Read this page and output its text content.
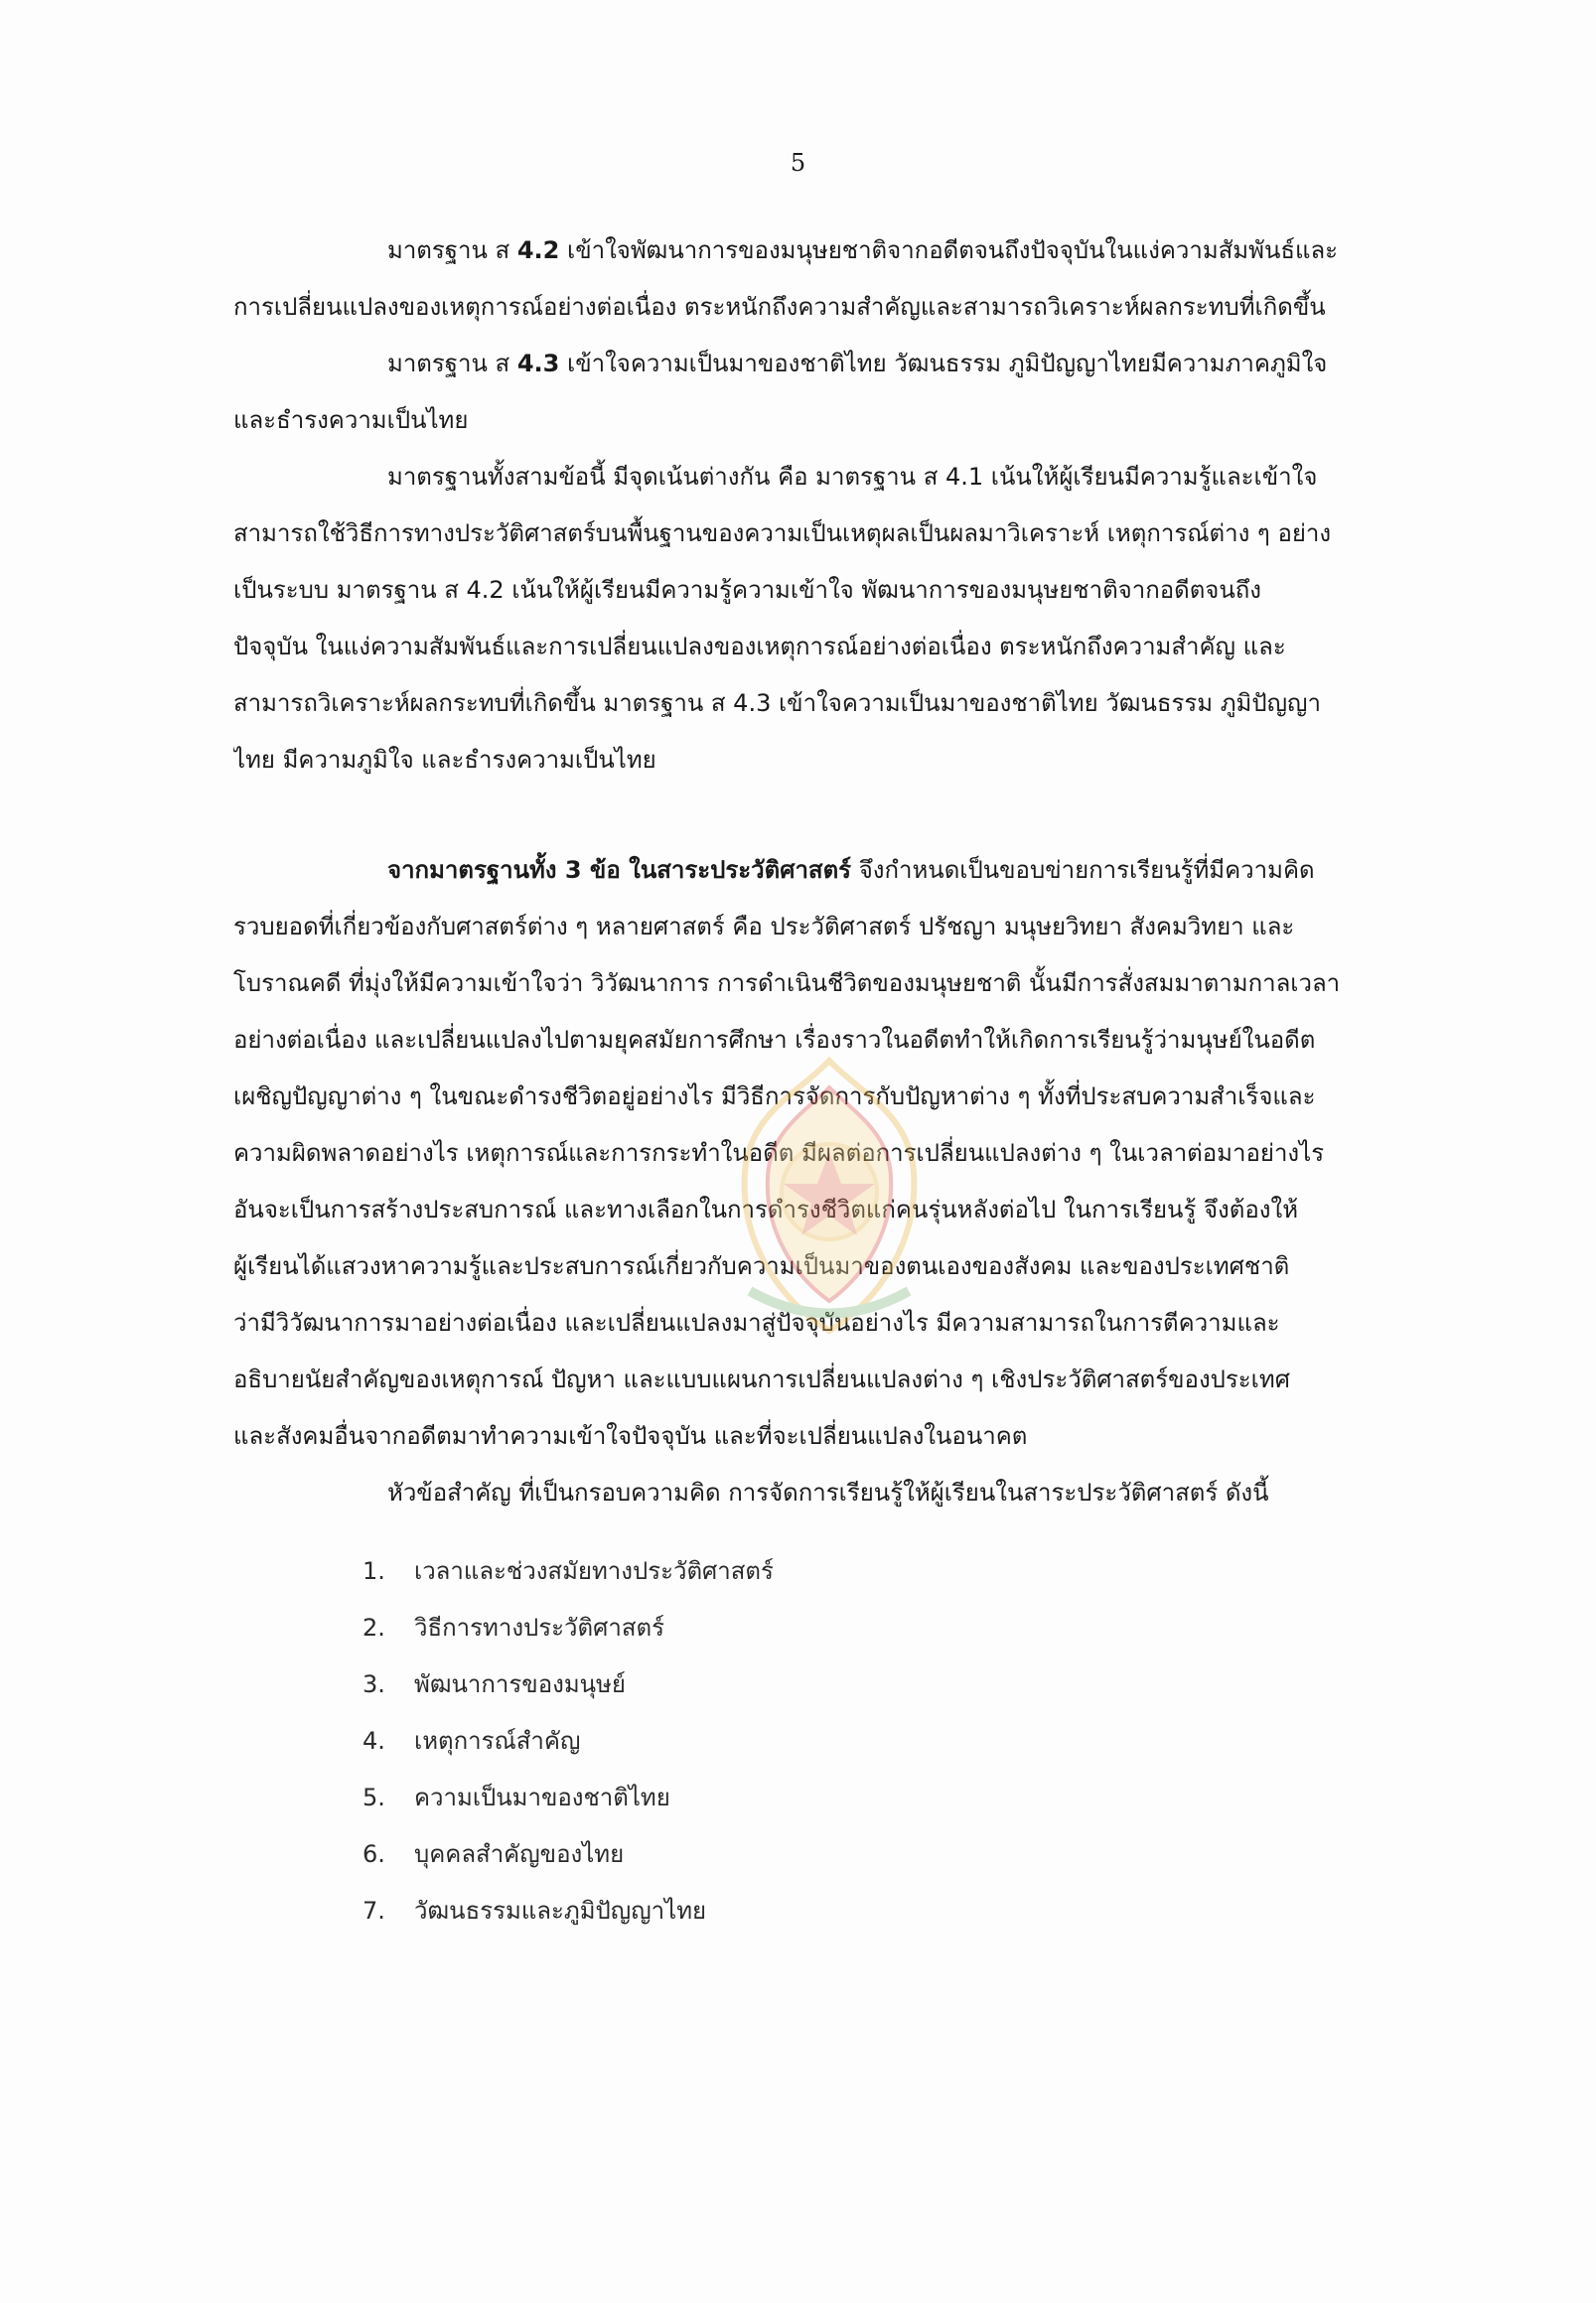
5
มาตรฐาน ส 4.2 เข้าใจพัฒนาการของมนุษยชาติจากอดีตจนถึงปัจจุบันในแง่ความสัมพันธ์และ
การเปลี่ยนแปลงของเหตุการณ์อย่างต่อเนื่อง ตระหนักถึงความสำคัญและสามารถวิเคราะห์ผลกระทบที่เกิดขึ้น
มาตรฐาน ส 4.3 เข้าใจความเป็นมาของชาติไทย วัฒนธรรม ภูมิปัญญาไทยมีความภาคภูมิใจ
และธำรงความเป็นไทย
มาตรฐานทั้งสามข้อนี้ มีจุดเน้นต่างกัน คือ มาตรฐาน ส 4.1 เน้นให้ผู้เรียนมีความรู้และเข้าใจ
สามารถใช้วิธีการทางประวัติศาสตร์บนพื้นฐานของความเป็นเหตุผลเป็นผลมาวิเคราะห์ เหตุการณ์ต่าง ๆ อย่าง
เป็นระบบ มาตรฐาน ส 4.2 เน้นให้ผู้เรียนมีความรู้ความเข้าใจ พัฒนาการของมนุษยชาติจากอดีตจนถึง
ปัจจุบัน ในแง่ความสัมพันธ์และการเปลี่ยนแปลงของเหตุการณ์อย่างต่อเนื่อง ตระหนักถึงความสำคัญ และ
สามารถวิเคราะห์ผลกระทบที่เกิดขึ้น มาตรฐาน ส 4.3 เข้าใจความเป็นมาของชาติไทย วัฒนธรรม ภูมิปัญญา
ไทย มีความภูมิใจ และธำรงความเป็นไทย
จากมาตรฐานทั้ง 3 ข้อ ในสาระประวัติศาสตร์ จึงกำหนดเป็นขอบข่ายการเรียนรู้ที่มีความคิด
รวบยอดที่เกี่ยวข้องกับศาสตร์ต่าง ๆ หลายศาสตร์ คือ ประวัติศาสตร์ ปรัชญา มนุษยวิทยา สังคมวิทยา และ
โบราณคดี ที่มุ่งให้มีความเข้าใจว่า วิวัฒนาการ การดำเนินชีวิตของมนุษยชาติ นั้นมีการสั่งสมมาตามกาลเวลา
อย่างต่อเนื่อง และเปลี่ยนแปลงไปตามยุคสมัยการศึกษา เรื่องราวในอดีตทำให้เกิดการเรียนรู้ว่ามนุษย์ในอดีต
เผชิญปัญญาต่าง ๆ ในขณะดำรงชีวิตอยู่อย่างไร มีวิธีการจัดการกับปัญหาต่าง ๆ ทั้งที่ประสบความสำเร็จและ
ความผิดพลาดอย่างไร เหตุการณ์และการกระทำในอดีต มีผลต่อการเปลี่ยนแปลงต่าง ๆ ในเวลาต่อมาอย่างไร
อันจะเป็นการสร้างประสบการณ์ และทางเลือกในการดำรงชีวิตแก่คนรุ่นหลังต่อไป ในการเรียนรู้ จึงต้องให้
ผู้เรียนได้แสวงหาความรู้และประสบการณ์เกี่ยวกับความเป็นมาของตนเองของสังคม และของประเทศชาติ
ว่ามีวิวัฒนาการมาอย่างต่อเนื่อง และเปลี่ยนแปลงมาสู่ปัจจุบันอย่างไร มีความสามารถในการตีความและ
อธิบายนัยสำคัญของเหตุการณ์ ปัญหา และแบบแผนการเปลี่ยนแปลงต่าง ๆ เชิงประวัติศาสตร์ของประเทศ
และสังคมอื่นจากอดีตมาทำความเข้าใจปัจจุบัน และที่จะเปลี่ยนแปลงในอนาคต
หัวข้อสำคัญ ที่เป็นกรอบความคิด การจัดการเรียนรู้ให้ผู้เรียนในสาระประวัติศาสตร์ ดังนี้
1.	เวลาและช่วงสมัยทางประวัติศาสตร์
2.	วิธีการทางประวัติศาสตร์
3.	พัฒนาการของมนุษย์
4.	เหตุการณ์สำคัญ
5.	ความเป็นมาของชาติไทย
6.	บุคคลสำคัญของไทย
7.	วัฒนธรรมและภูมิปัญญาไทย
